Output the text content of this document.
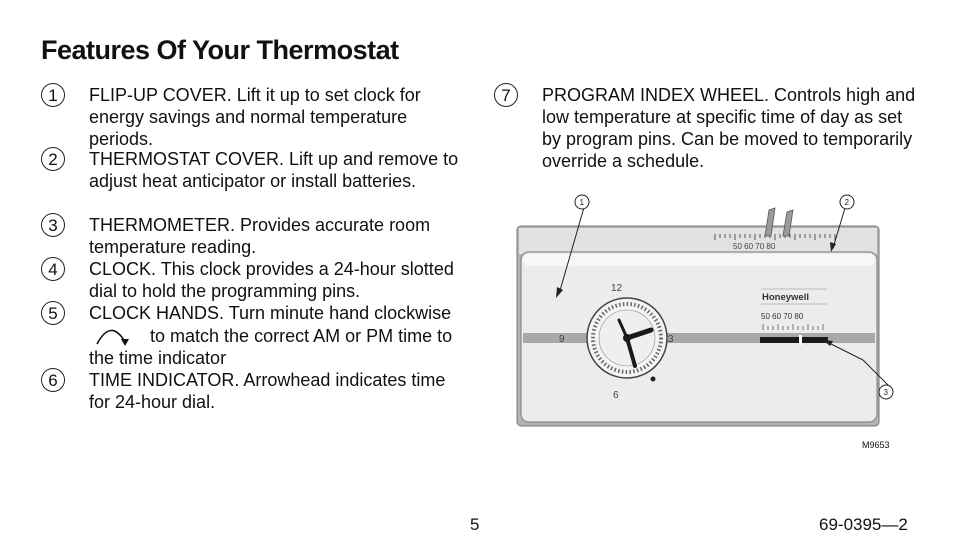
Features Of Your Thermostat
1	FLIP-UP COVER. Lift it up to set clock for energy savings and normal temperature periods.
2	THERMOSTAT COVER. Lift up and remove to adjust heat anticipator or install batteries.
3	THERMOMETER. Provides accurate room temperature reading.
4	CLOCK. This clock provides a 24-hour slotted dial to hold the programming pins.
5	CLOCK HANDS. Turn minute hand clockwise  to match the correct AM or PM time to the time indicator
6	TIME INDICATOR. Arrowhead indicates time for 24-hour dial.
7	PROGRAM INDEX WHEEL. Controls high and low temperature at specific time of day as set by program pins. Can be moved to temporarily override a schedule.
50 60 70 80
50 60 70 80
Honeywell
12
3
6
9
1	2
3
M9653
5	69-0395—2
